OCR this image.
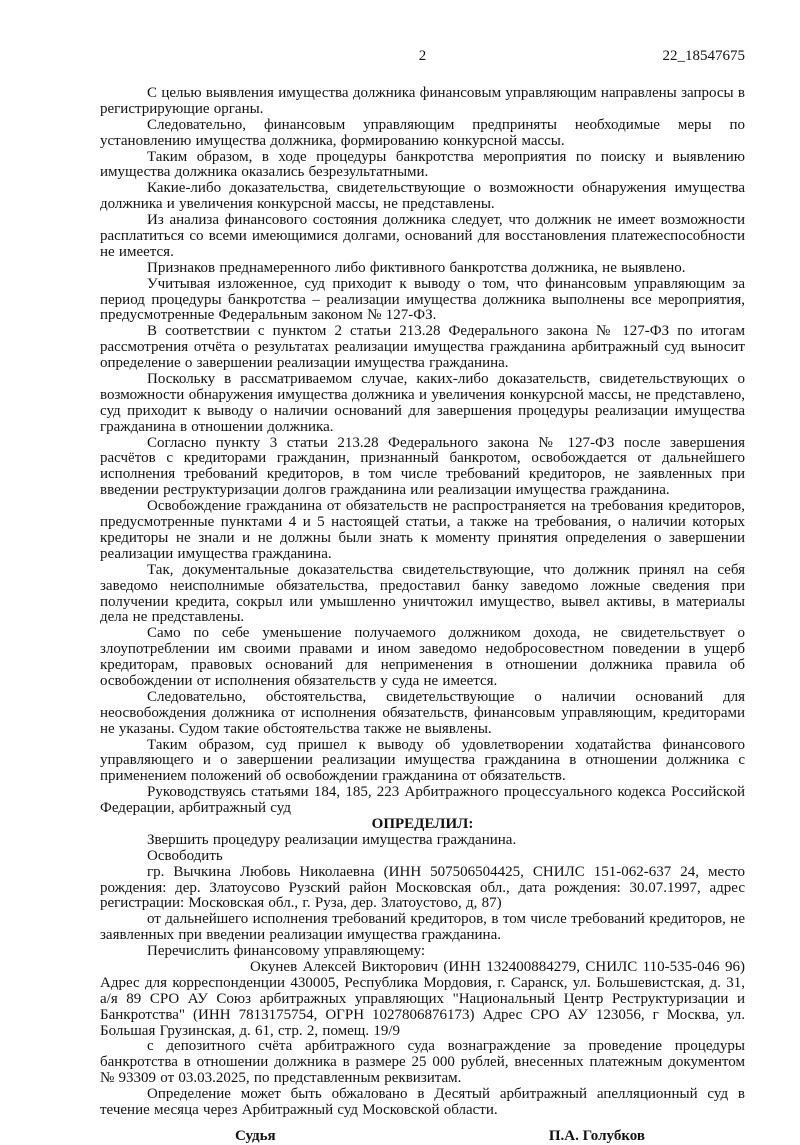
2	22_18547675

С целью выявления имущества должника финансовым управляющим направлены запросы в регистрирующие органы.

Следовательно, финансовым управляющим предприняты необходимые меры по установлению имущества должника, формированию конкурсной массы.

Таким образом, в ходе процедуры банкротства мероприятия по поиску и выявлению имущества должника оказались безрезультатными.

Какие-либо доказательства, свидетельствующие о возможности обнаружения имущества должника и увеличения конкурсной массы, не представлены.

Из анализа финансового состояния должника следует, что должник не имеет возможности расплатиться со всеми имеющимися долгами, оснований для восстановления платежеспособности не имеется.

Признаков преднамеренного либо фиктивного банкротства должника, не выявлено.

Учитывая изложенное, суд приходит к выводу о том, что финансовым управляющим за период процедуры банкротства – реализации имущества должника выполнены все мероприятия, предусмотренные Федеральным законом № 127-ФЗ.

В соответствии с пунктом 2 статьи 213.28 Федерального закона № 127-ФЗ по итогам рассмотрения отчёта о результатах реализации имущества гражданина арбитражный суд выносит определение о завершении реализации имущества гражданина.

Поскольку в рассматриваемом случае, каких-либо доказательств, свидетельствующих о возможности обнаружения имущества должника и увеличения конкурсной массы, не представлено, суд приходит к выводу о наличии оснований для завершения процедуры реализации имущества гражданина в отношении должника.

Согласно пункту 3 статьи 213.28 Федерального закона № 127-ФЗ после завершения расчётов с кредиторами гражданин, признанный банкротом, освобождается от дальнейшего исполнения требований кредиторов, в том числе требований кредиторов, не заявленных при введении реструктуризации долгов гражданина или реализации имущества гражданина.

Освобождение гражданина от обязательств не распространяется на требования кредиторов, предусмотренные пунктами 4 и 5 настоящей статьи, а также на требования, о наличии которых кредиторы не знали и не должны были знать к моменту принятия определения о завершении реализации имущества гражданина.

Так, документальные доказательства свидетельствующие, что должник принял на себя заведомо неисполнимые обязательства, предоставил банку заведомо ложные сведения при получении кредита, сокрыл или умышленно уничтожил имущество, вывел активы, в материалы дела не представлены.

Само по себе уменьшение получаемого должником дохода, не свидетельствует о злоупотреблении им своими правами и ином заведомо недобросовестном поведении в ущерб кредиторам, правовых оснований для неприменения в отношении должника правила об освобождении от исполнения обязательств у суда не имеется.

Следовательно, обстоятельства, свидетельствующие о наличии оснований для неосвобождения должника от исполнения обязательств, финансовым управляющим, кредиторами не указаны. Судом такие обстоятельства также не выявлены.

Таким образом, суд пришел к выводу об удовлетворении ходатайства финансового управляющего и о завершении реализации имущества гражданина в отношении должника с применением положений об освобождении гражданина от обязательств.

Руководствуясь статьями 184, 185, 223 Арбитражного процессуального кодекса Российской Федерации, арбитражный суд

ОПРЕДЕЛИЛ:

Звершить процедуру реализации имущества гражданина.

Освободить

гр. Вычкина Любовь Николаевна (ИНН 507506504425, СНИЛС 151-062-637 24, место рождения: дер. Златоусово Рузский район Московская обл., дата рождения: 30.07.1997, адрес регистрации: Московская обл., г. Руза, дер. Златоустово, д, 87)

от дальнейшего исполнения требований кредиторов, в том числе требований кредиторов, не заявленных при введении реализации имущества гражданина.

Перечислить финансовому управляющему:

Окунев Алексей Викторович (ИНН 132400884279, СНИЛС 110-535-046 96) Адрес для корреспонденции 430005, Республика Мордовия, г. Саранск, ул. Большевистская, д. 31, а/я 89 СРО АУ Союз арбитражных управляющих "Национальный Центр Реструктуризации и Банкротства" (ИНН 7813175754, ОГРН 1027806876173) Адрес СРО АУ 123056, г Москва, ул. Большая Грузинская, д. 61, стр. 2, помещ. 19/9

с депозитного счёта арбитражного суда вознаграждение за проведение процедуры банкротства в отношении должника в размере 25 000 рублей, внесенных платежным документом № 93309 от 03.03.2025, по представленным реквизитам.

Определение может быть обжаловано в Десятый арбитражный апелляционный суд в течение месяца через Арбитражный суд Московской области.

Судья	П.А. Голубков
